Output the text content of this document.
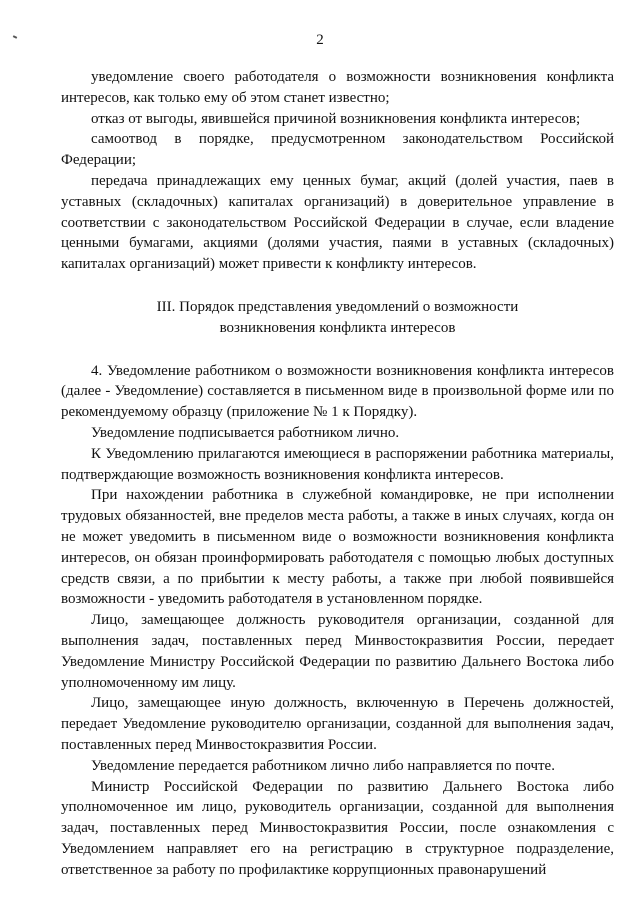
2

уведомление своего работодателя о возможности возникновения конфликта интересов, как только ему об этом станет известно;

отказ от выгоды, явившейся причиной возникновения конфликта интересов;

самоотвод в порядке, предусмотренном законодательством Российской Федерации;

передача принадлежащих ему ценных бумаг, акций (долей участия, паев в уставных (складочных) капиталах организаций) в доверительное управление в соответствии с законодательством Российской Федерации в случае, если владение ценными бумагами, акциями (долями участия, паями в уставных (складочных) капиталах организаций) может привести к конфликту интересов.

III. Порядок представления уведомлений о возможности
возникновения конфликта интересов

4. Уведомление работником о возможности возникновения конфликта интересов (далее - Уведомление) составляется в письменном виде в произвольной форме или по рекомендуемому образцу (приложение № 1 к Порядку).

Уведомление подписывается работником лично.

К Уведомлению прилагаются имеющиеся в распоряжении работника материалы, подтверждающие возможность возникновения конфликта интересов.

При нахождении работника в служебной командировке, не при исполнении трудовых обязанностей, вне пределов места работы, а также в иных случаях, когда он не может уведомить в письменном виде о возможности возникновения конфликта интересов, он обязан проинформировать работодателя с помощью любых доступных средств связи, а по прибытии к месту работы, а также при любой появившейся возможности - уведомить работодателя в установленном порядке.

Лицо, замещающее должность руководителя организации, созданной для выполнения задач, поставленных перед Минвостокразвития России, передает Уведомление Министру Российской Федерации по развитию Дальнего Востока либо уполномоченному им лицу.

Лицо, замещающее иную должность, включенную в Перечень должностей, передает Уведомление руководителю организации, созданной для выполнения задач, поставленных перед Минвостокразвития России.

Уведомление передается работником лично либо направляется по почте.

Министр Российской Федерации по развитию Дальнего Востока либо уполномоченное им лицо, руководитель организации, созданной для выполнения задач, поставленных перед Минвостокразвития России, после ознакомления с Уведомлением направляет его на регистрацию в структурное подразделение, ответственное за работу по профилактике коррупционных правонарушений
